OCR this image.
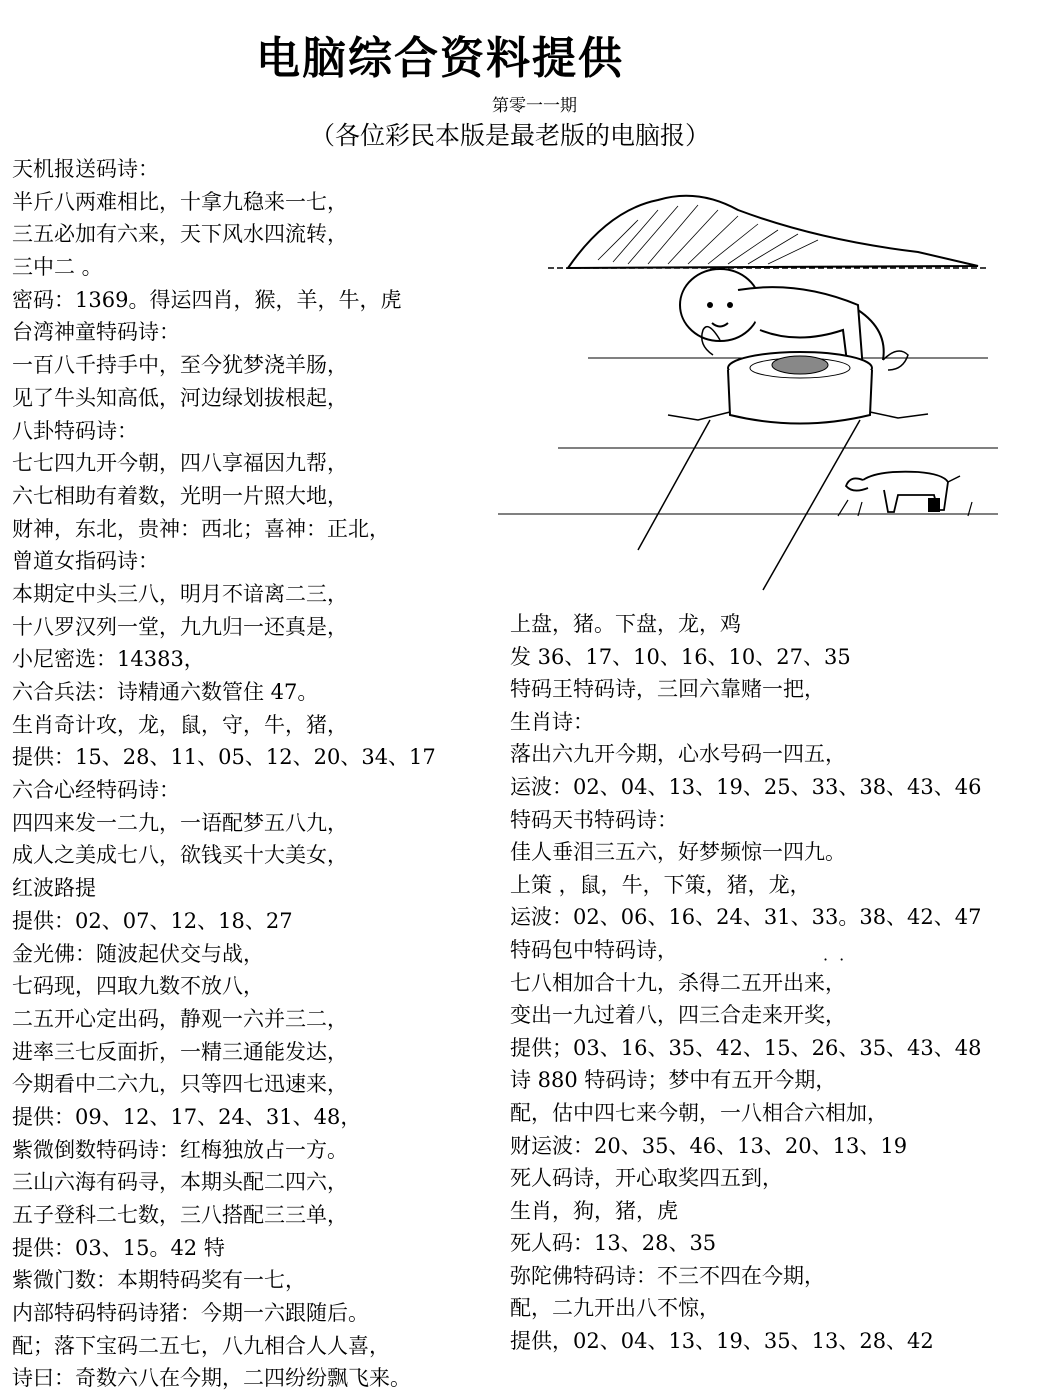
电脑综合资料提供
第零一一期
（各位彩民本版是最老版的电脑报）
天机报送码诗：
半斤八两难相比，十拿九稳来一七，
三五必加有六来，天下风水四流转，
三中二 。
密码：1369。得运四肖，猴，羊，牛，虎
台湾神童特码诗：
一百八千持手中，至今犹梦浇羊肠，
见了牛头知高低，河边绿划拔根起，
八卦特码诗：
七七四九开今朝，四八享福因九帮，
六七相助有着数，光明一片照大地，
财神，东北，贵神：西北；喜神：正北，
曾道女指码诗：
本期定中头三八，明月不谙离二三，
十八罗汉列一堂，九九归一还真是，
小尼密选：14383，
六合兵法：诗精通六数管住 47。
生肖奇计攻，龙，鼠，守，牛，猪，
提供：15、28、11、05、12、20、34、17
六合心经特码诗：
四四来发一二九，一语配梦五八九，
成人之美成七八，欲钱买十大美女，
红波路提
提供：02、07、12、18、27
金光佛：随波起伏交与战，
七码现，四取九数不放八，
二五开心定出码，静观一六并三二，
进率三七反面折，一精三通能发达，
今期看中二六九，只等四七迅速来，
提供：09、12、17、24、31、48，
紫微倒数特码诗：红梅独放占一方。
三山六海有码寻，本期头配二四六，
五子登科二七数，三八搭配三三单，
提供：03、15。42 特
紫微门数：本期特码奖有一七，
内部特码特码诗猪：今期一六跟随后。
配；落下宝码二五七，八九相合人人喜，
诗曰：奇数六八在今期，二四纷纷飘飞来。
上盘，猪。下盘，龙，鸡
发 36、17、10、16、10、27、35
特码王特码诗，三回六靠赌一把，
生肖诗：
落出六九开今期，心水号码一四五，
运波：02、04、13、19、25、33、38、43、46
特码天书特码诗：
佳人垂泪三五六，好梦频惊一四九。
上策 ，鼠，牛，下策，猪，龙，
运波：02、06、16、24、31、33。38、42、47
特码包中特码诗，
七八相加合十九，杀得二五开出来，
变出一九过着八，四三合走来开奖，
提供；03、16、35、42、15、26、35、43、48
诗 880 特码诗；梦中有五开今期，
配，估中四七来今朝，一八相合六相加，
财运波：20、35、46、13、20、13、19
死人码诗，开心取奖四五到，
生肖，狗，猪，虎
死人码：13、28、35
弥陀佛特码诗：不三不四在今期，
配，二九开出八不惊，
提供，02、04、13、19、35、13、28、42
· ·
